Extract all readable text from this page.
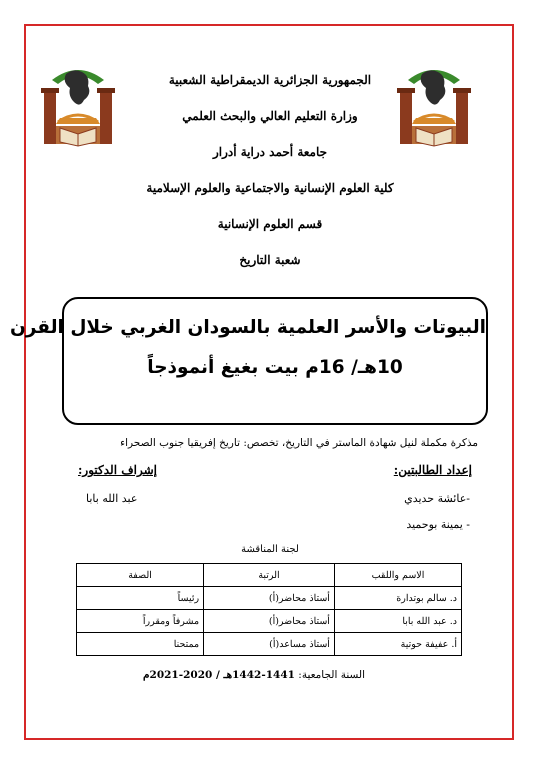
الجمهورية الجزائرية الديمقراطية الشعبية
وزارة التعليم العالي والبحث العلمي
جامعة أحمد دراية أدرار
كلية العلوم الإنسانية والاجتماعية والعلوم الإسلامية
قسم العلوم الإنسانية
شعبة التاريخ
البيوتات والأسر العلمية بالسودان الغربي خلال القرن
10هـ/ 16م بيت بغيغ أنموذجاً
مذكرة مكملة لنيل شهادة الماستر في التاريخ، تخصص: تاريخ إفريقيا جنوب الصحراء
إعداد الطالبتين:
إشراف الدكتور:
-عائشة حديدي
عبد الله بابا
- يمينة بوحميد
لجنة المناقشة
الاسم واللقب	الرتبة	الصفة
د. سالم بوتدارة	أستاذ محاضر(أ)	رئيساً
د. عبد الله بابا	أستاذ محاضر(أ)	مشرفاً ومقرراً
أ. عفيفة حوتية	أستاذ مساعد(أ)	ممتحنا
السنة الجامعية: 1441-1442هـ / 2020-2021م
